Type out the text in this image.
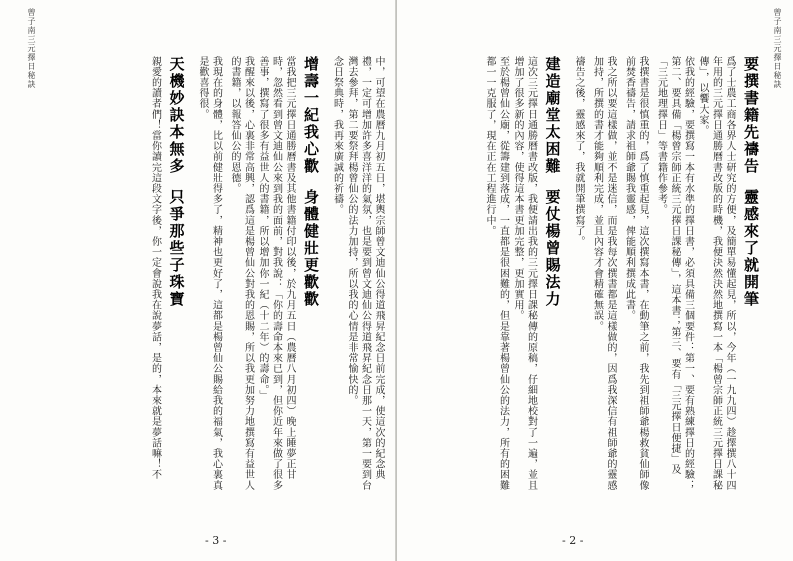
曾子南三元擇日秘訣
中，可望在農曆九月初五日，堪輿宗師曾文迪仙公得道飛昇紀念日前完成，使這次的紀念典禮，一定可增加許多喜洋洋的氣氛，也是要到曾文迪仙公得道飛昇紀念日那一天，第一要到台灣去參拜，第二要祭拜楊曾仙公的法力加持，所以我的心情是非常愉快的。
念日祭典時，我再來廣誠的祈禱。
增壽一紀我心歡身體健壯更歡歡
當我把三元擇日通勝曆書及其他書籍付印以後，於九月五日（農曆八月初四）晚上睡夢正甘時，忽然看到曾文迪仙公來到我的面前，對我說：「你的壽命本來已到，但你近年來做了很多善事，撰寫了很多有益世人的書籍，所以增加你一紀（十二年）的壽命。」
我醒來以後，心裏非常高興，認爲這是楊曾仙公對我的恩賜，所以我更加努力地撰寫有益世人的書籍，以報答仙公的恩德。
我現在的身體，比以前健壯得多了，精神也更好了，這都是楊曾仙公賜給我的福氣，我心裏真是歡喜得很。
天機妙訣本無多只爭那些子珠寶
親愛的讀者們！當你讀完這段文字後，你一定會說我在說夢話，是的，本來就是夢話嘛！不
- 3 -
曾子南三元擇日秘訣
要撰書籍先禱告靈感來了就開筆
爲了士農工商各界人士研究的方便，及簡單易懂起見，所以，今年（一九九四）趁擇撰八十四年用的三元擇日通勝曆書改版的時機，我便決然決然地撰寫一本「楊曾宗師正統三元擇日課秘傳」，以饗大家。
依我的經驗，要撰寫一本有水準的擇日書，必須具備三個要件：第一、要有熟練擇日的經驗；第二、要具備「楊曾宗師正統三元擇日課秘傳」，這本書；第三、要有「三元擇日便捷」及「三元地理擇日」等書籍作參考。
我撰書是很慎重的，爲了慎重起見，這次撰寫本書，在動筆之前，我先到祖師爺楊救貧仙師像前焚香禱告，請求祖師爺賜我靈感，俾能順利撰成此書。
我之所以要這樣做，並不是迷信，而是我每次撰書都是這樣做的，因爲我深信有祖師爺的靈感加持，所撰的書才能夠順利完成，並且內容才會精確無誤。
禱告之後，靈感來了，我就開筆撰寫了。
建造廟堂太困難要仗楊曾賜法力
這次三元擇日通勝曆書改版，我便請出我的三元擇日課秘傳的原稿，仔細地校對了一遍，並且增加了很多新的內容，使得這本書更加完整，更加實用。
至於楊曾仙公廟，從籌建到落成，一直都是很困難的，但是靠著楊曾仙公的法力，所有的困難都一一克服了，現在正在工程進行中。
- 2 -
